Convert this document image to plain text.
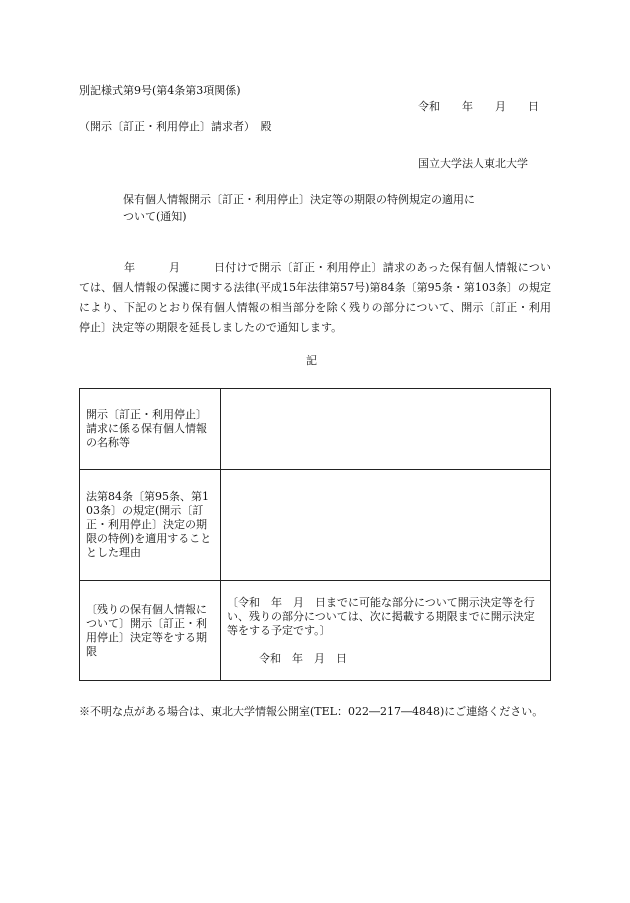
別記様式第9号(第4条第3項関係)
令和　　年　　月　　日
（開示〔訂正・利用停止〕請求者）　殿
国立大学法人東北大学
保有個人情報開示〔訂正・利用停止〕決定等の期限の特例規定の適用に
ついて(通知)
　　　　年　　　月　　　日付けで開示〔訂正・利用停止〕請求のあった保有個人情報については、個人情報の保護に関する法律(平成15年法律第57号)第84条〔第95条・第103条〕の規定により、下記のとおり保有個人情報の相当部分を除く残りの部分について、開示〔訂正・利用停止〕決定等の期限を延長しましたので通知します。
記
開示〔訂正・利用停止〕請求に係る保有個人情報の名称等	
法第84条〔第95条、第103条〕の規定(開示〔訂正・利用停止〕決定の期限の特例)を適用することとした理由	
〔残りの保有個人情報について〕開示〔訂正・利用停止〕決定等をする期限	〔令和　年　月　日までに可能な部分について開示決定等を行い、残りの部分については、次に掲載する期限までに開示決定等をする予定です。〕
令和　年　月　日
※不明な点がある場合は、東北大学情報公開室(TEL：022―217―4848)にご連絡ください。
